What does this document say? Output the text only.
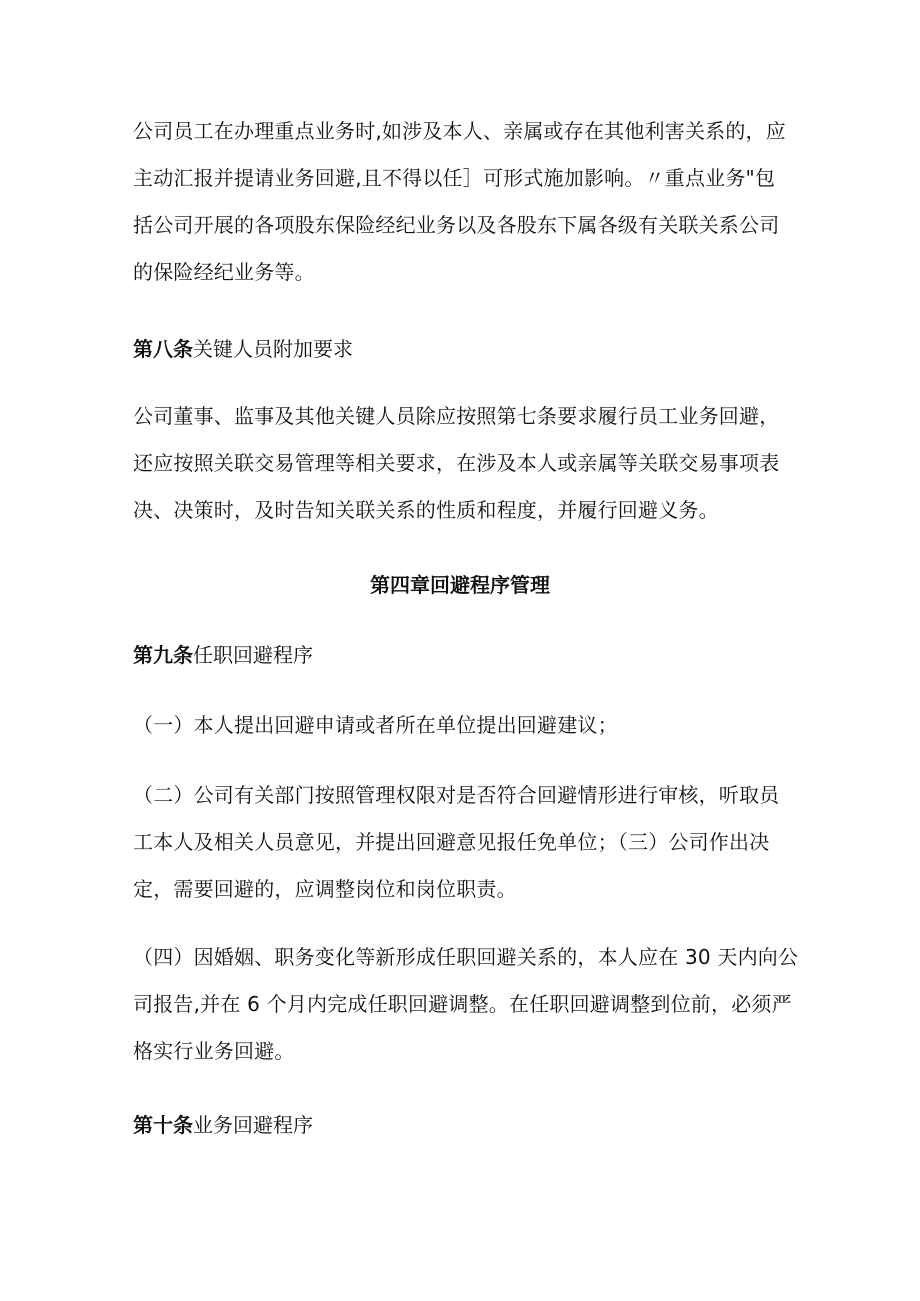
公司员工在办理重点业务时,如涉及本人、亲属或存在其他利害关系的，应
主动汇报并提请业务回避,且不得以任］可形式施加影响。〃重点业务"包
括公司开展的各项股东保险经纪业务以及各股东下属各级有关联关系公司
的保险经纪业务等。

第八条关键人员附加要求

公司董事、监事及其他关键人员除应按照第七条要求履行员工业务回避，
还应按照关联交易管理等相关要求，在涉及本人或亲属等关联交易事项表
决、决策时，及时告知关联关系的性质和程度，并履行回避义务。

第四章回避程序管理

第九条任职回避程序

（一）本人提出回避申请或者所在单位提出回避建议；

（二）公司有关部门按照管理权限对是否符合回避情形进行审核，听取员
工本人及相关人员意见，并提出回避意见报任免单位；（三）公司作出决
定，需要回避的，应调整岗位和岗位职责。

（四）因婚姻、职务变化等新形成任职回避关系的，本人应在 30 天内向公
司报告,并在 6 个月内完成任职回避调整。在任职回避调整到位前，必须严
格实行业务回避。

第十条业务回避程序
